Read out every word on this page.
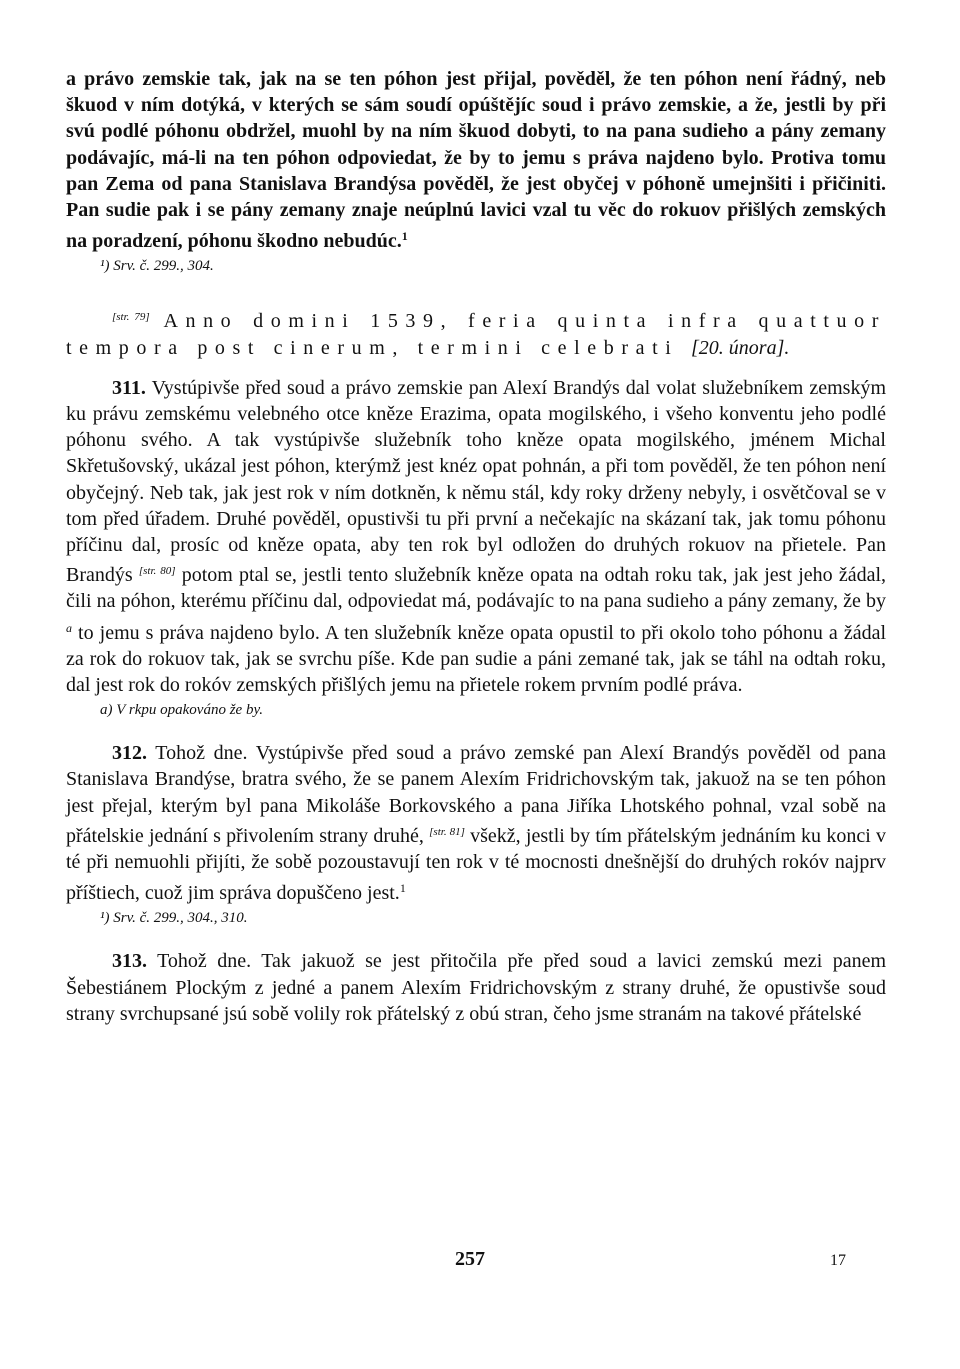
a právo zemskie tak, jak na se ten póhon jest přijal, pověděl, že ten póhon není řádný, neb škuod v ním dotýká, v kterých se sám soudí opúštějíc soud i právo zemskie, a že, jestli by při svú podlé póhonu obdržel, muohl by na ním škuod dobyti, to na pana sudieho a pány zemany podávajíc, má-li na ten póhon odpoviedat, že by to jemu s práva najdeno bylo. Protiva tomu pan Zema od pana Stanislava Brandýsa pověděl, že jest obyčej v póhoně umejnšiti i přičiniti. Pan sudie pak i se pány zemany znaje neúplnú lavici vzal tu věc do rokuov přišlých zemských na poradzení, póhonu škodno nebudúc.$^1$

¹) Srv. č. 299., 304.

[str. 79] Anno domini 1539, feria quinta infra quattuor tempora post cinerum, termini celebrati [20. února].

311. Vystúpivše před soud a právo zemskie pan Alexí Brandýs dal volat služebníkem zemským ku právu zemskému velebného otce kněze Erazima, opata mogilského, i všeho konventu jeho podlé póhonu svého. A tak vystúpivše služebník toho kněze opata mogilského, jménem Michal Skřetušovský, ukázal jest póhon, kterýmž jest knéz opat pohnán, a při tom pověděl, že ten póhon není obyčejný. Neb tak, jak jest rok v ním dotkněn, k němu stál, kdy roky drženy nebyly, i osvětčoval se v tom před úřadem. Druhé pověděl, opustivši tu při první a nečekajíc na skázaní tak, jak tomu póhonu příčinu dal, prosíc od kněze opata, aby ten rok byl odložen do druhých rokuov na přietele. Pan Brandýs [str. 80] potom ptal se, jestli tento služebník kněze opata na odtah roku tak, jak jest jeho žádal, čili na póhon, kterému příčinu dal, odpoviedat má, podávajíc to na pana sudieho a pány zemany, že by $^a$ to jemu s práva najdeno bylo. A ten služebník kněze opata opustil to při okolo toho póhonu a žádal za rok do rokuov tak, jak se svrchu píše. Kde pan sudie a páni zemané tak, jak se táhl na odtah roku, dal jest rok do rokóv zemských přišlých jemu na přietele rokem prvním podlé práva.

a) V rkpu opakováno že by.

312. Tohož dne. Vystúpivše před soud a právo zemské pan Alexí Brandýs pověděl od pana Stanislava Brandýse, bratra svého, že se panem Alexím Fridrichovským tak, jakuož na se ten póhon jest přejal, kterým byl pana Mikoláše Borkovského a pana Jiříka Lhotského pohnal, vzal sobě na přátelskie jednání s přivolením strany druhé, [str. 81] všekž, jestli by tím přátelským jednáním ku konci v té při nemuohli přijíti, že sobě pozoustavují ten rok v té mocnosti dnešnější do druhých rokóv najprv příštiech, cuož jim správa dopuščeno jest.$^1$

¹) Srv. č. 299., 304., 310.

313. Tohož dne. Tak jakuož se jest přitočila pře před soud a lavici zemskú mezi panem Šebestiánem Plockým z jedné a panem Alexím Fridrichovským z strany druhé, že opustivše soud strany svrchupsané jsú sobě volily rok přátelský z obú stran, čeho jsme stranám na takové přátelské

257	17
